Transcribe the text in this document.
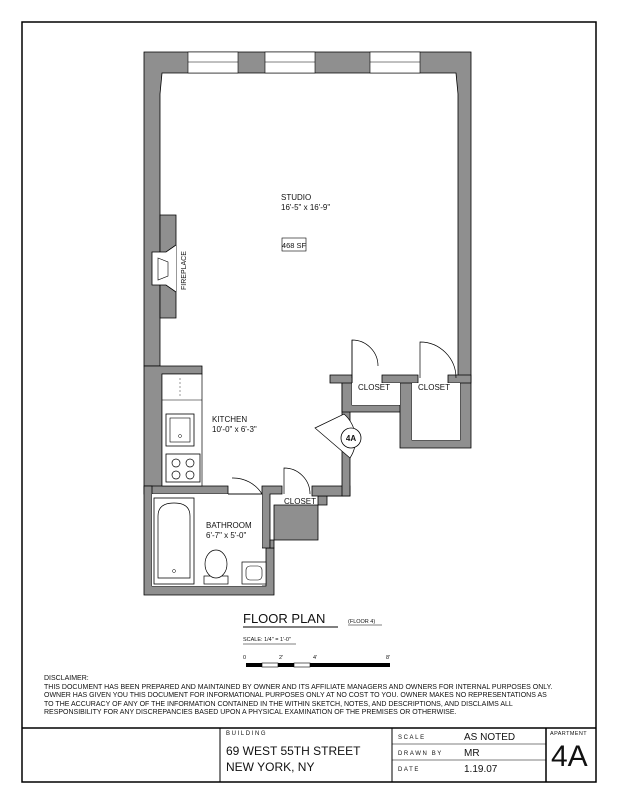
4A
STUDIO
16'-5" x 16'-9"
468 SF
FIREPLACE
KITCHEN
10'-0" x 6'-3"
BATHROOM
6'-7" x 5'-0"
CLOSET	CLOSET
CLOSET
FLOOR PLAN	(FLOOR 4)
SCALE: 1/4" = 1'-0"
0	2'	4'	8'
DISCLAIMER:
THIS DOCUMENT HAS BEEN PREPARED AND MAINTAINED BY OWNER AND ITS AFFILIATE MANAGERS AND OWNERS FOR INTERNAL PURPOSES ONLY.
OWNER HAS GIVEN YOU THIS DOCUMENT FOR INFORMATIONAL PURPOSES ONLY AT NO COST TO YOU. OWNER MAKES NO REPRESENTATIONS AS
TO THE ACCURACY OF ANY OF THE INFORMATION CONTAINED IN THE WITHIN SKETCH, NOTES, AND DESCRIPTIONS, AND DISCLAIMS ALL
RESPONSIBILITY FOR ANY DISCREPANCIES BASED UPON A PHYSICAL EXAMINATION OF THE PREMISES OR OTHERWISE.
BUILDING
69 WEST 55TH STREET
NEW YORK, NY
SCALE	AS NOTED
DRAWN BY MR
DATE	1.19.07
APARTMENT
4A
